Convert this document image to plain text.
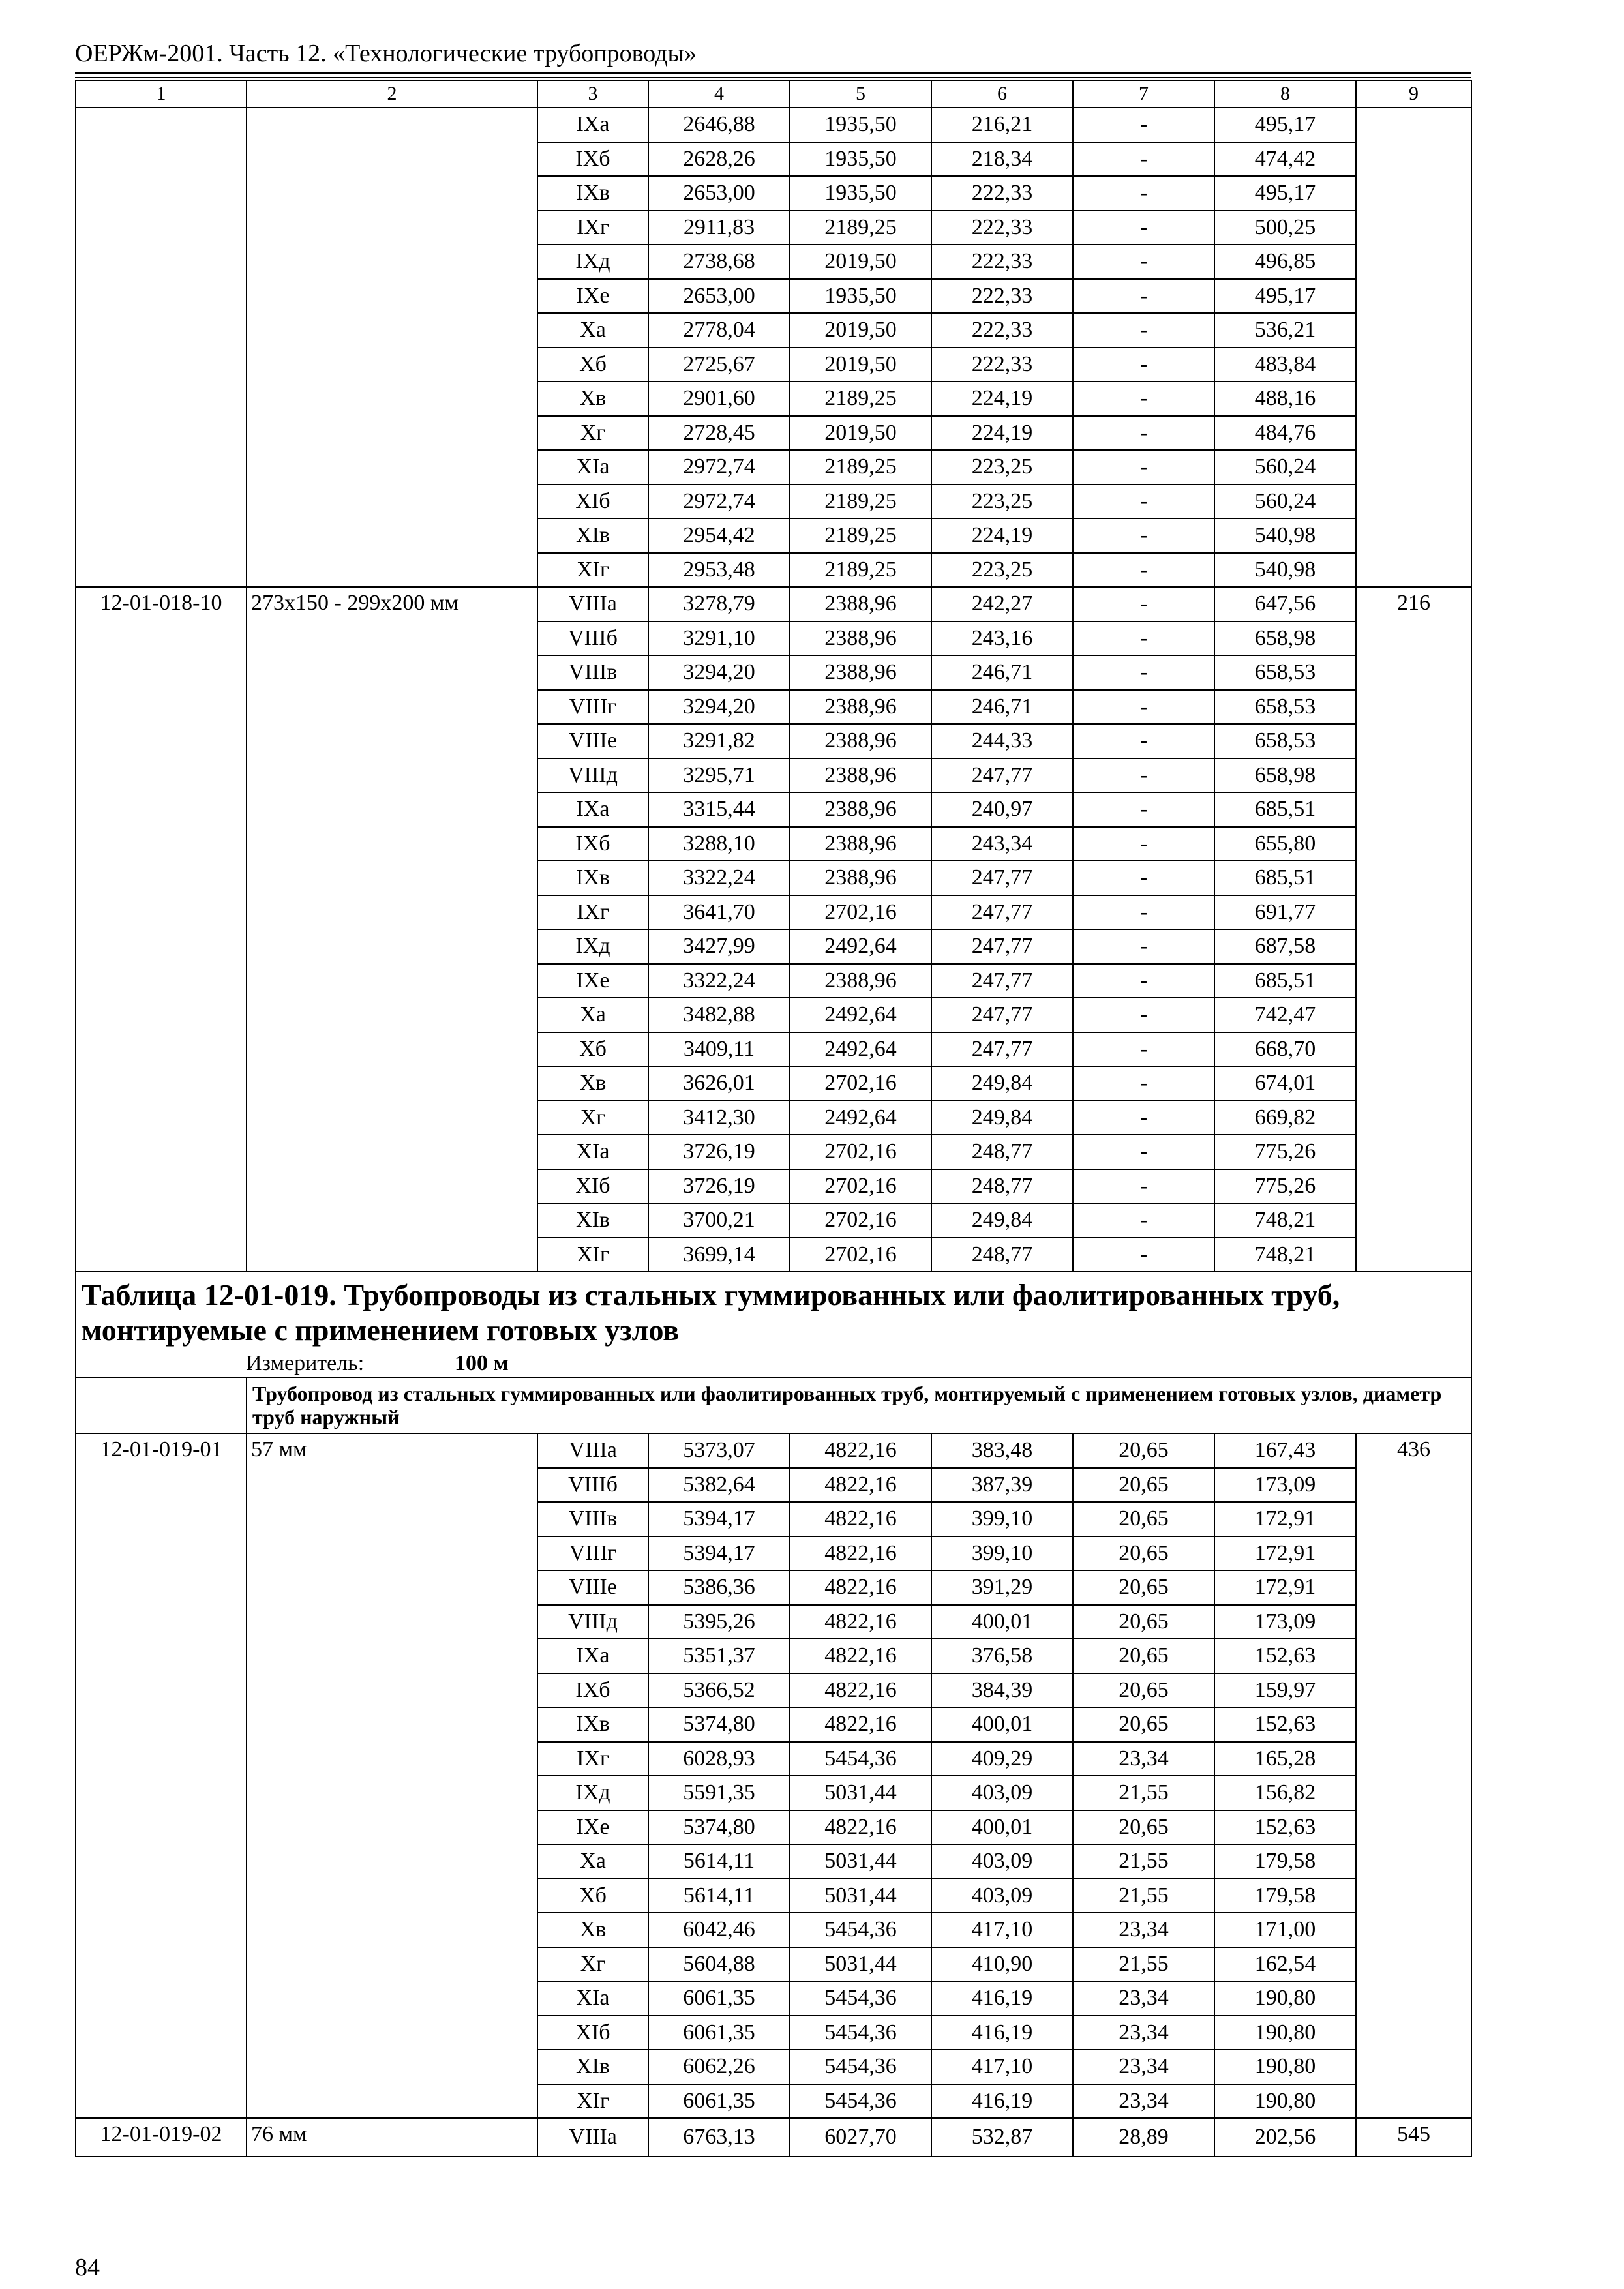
ОЕРЖм-2001. Часть 12. «Технологические трубопроводы»
1	2	3	4	5	6	7	8	9
		IXа	2646,88	1935,50	216,21	-	495,17	
		IXб	2628,26	1935,50	218,34	-	474,42	
		IXв	2653,00	1935,50	222,33	-	495,17	
		IXг	2911,83	2189,25	222,33	-	500,25	
		IXд	2738,68	2019,50	222,33	-	496,85	
		IXе	2653,00	1935,50	222,33	-	495,17	
		Xа	2778,04	2019,50	222,33	-	536,21	
		Xб	2725,67	2019,50	222,33	-	483,84	
		Xв	2901,60	2189,25	224,19	-	488,16	
		Xг	2728,45	2019,50	224,19	-	484,76	
		XIа	2972,74	2189,25	223,25	-	560,24	
		XIб	2972,74	2189,25	223,25	-	560,24	
		XIв	2954,42	2189,25	224,19	-	540,98	
		XIг	2953,48	2189,25	223,25	-	540,98	
12-01-018-10	273х150 - 299х200 мм	VIIIа	3278,79	2388,96	242,27	-	647,56	216
		VIIIб	3291,10	2388,96	243,16	-	658,98	
		VIIIв	3294,20	2388,96	246,71	-	658,53	
		VIIIг	3294,20	2388,96	246,71	-	658,53	
		VIIIе	3291,82	2388,96	244,33	-	658,53	
		VIIIд	3295,71	2388,96	247,77	-	658,98	
		IXа	3315,44	2388,96	240,97	-	685,51	
		IXб	3288,10	2388,96	243,34	-	655,80	
		IXв	3322,24	2388,96	247,77	-	685,51	
		IXг	3641,70	2702,16	247,77	-	691,77	
		IXд	3427,99	2492,64	247,77	-	687,58	
		IXе	3322,24	2388,96	247,77	-	685,51	
		Xа	3482,88	2492,64	247,77	-	742,47	
		Xб	3409,11	2492,64	247,77	-	668,70	
		Xв	3626,01	2702,16	249,84	-	674,01	
		Xг	3412,30	2492,64	249,84	-	669,82	
		XIа	3726,19	2702,16	248,77	-	775,26	
		XIб	3726,19	2702,16	248,77	-	775,26	
		XIв	3700,21	2702,16	249,84	-	748,21	
		XIг	3699,14	2702,16	248,77	-	748,21	
Таблица 12-01-019. Трубопроводы из стальных гуммированных или фаолитированных труб, монтируемые с применением готовых узлов								
Измеритель: 100 м								
	Трубопровод из стальных гуммированных или фаолитированных труб, монтируемый с применением готовых узлов, диаметр труб наружный							
12-01-019-01	57 мм	VIIIа	5373,07	4822,16	383,48	20,65	167,43	436
		VIIIб	5382,64	4822,16	387,39	20,65	173,09	
		VIIIв	5394,17	4822,16	399,10	20,65	172,91	
		VIIIг	5394,17	4822,16	399,10	20,65	172,91	
		VIIIе	5386,36	4822,16	391,29	20,65	172,91	
		VIIIд	5395,26	4822,16	400,01	20,65	173,09	
		IXа	5351,37	4822,16	376,58	20,65	152,63	
		IXб	5366,52	4822,16	384,39	20,65	159,97	
		IXв	5374,80	4822,16	400,01	20,65	152,63	
		IXг	6028,93	5454,36	409,29	23,34	165,28	
		IXд	5591,35	5031,44	403,09	21,55	156,82	
		IXе	5374,80	4822,16	400,01	20,65	152,63	
		Xа	5614,11	5031,44	403,09	21,55	179,58	
		Xб	5614,11	5031,44	403,09	21,55	179,58	
		Xв	6042,46	5454,36	417,10	23,34	171,00	
		Xг	5604,88	5031,44	410,90	21,55	162,54	
		XIа	6061,35	5454,36	416,19	23,34	190,80	
		XIб	6061,35	5454,36	416,19	23,34	190,80	
		XIв	6062,26	5454,36	417,10	23,34	190,80	
		XIг	6061,35	5454,36	416,19	23,34	190,80	
12-01-019-02	76 мм	VIIIа	6763,13	6027,70	532,87	28,89	202,56	545
84
